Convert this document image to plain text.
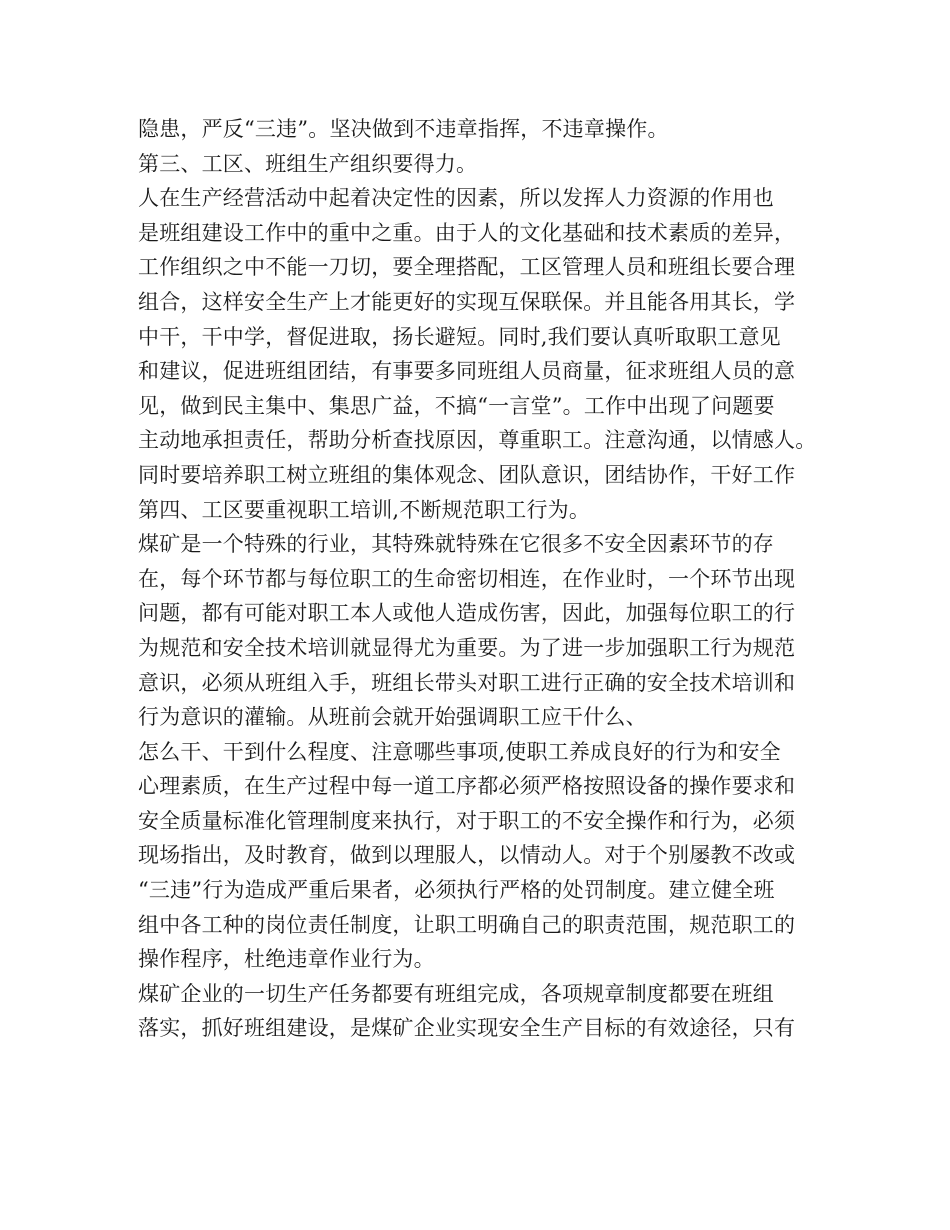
隐患，严反“三违”。坚决做到不违章指挥，不违章操作。
第三、工区、班组生产组织要得力。
人在生产经营活动中起着决定性的因素，所以发挥人力资源的作用也
是班组建设工作中的重中之重。由于人的文化基础和技术素质的差异，
工作组织之中不能一刀切，要全理搭配，工区管理人员和班组长要合理
组合，这样安全生产上才能更好的实现互保联保。并且能各用其长，学
中干，干中学，督促进取，扬长避短。同时,我们要认真听取职工意见
和建议，促进班组团结，有事要多同班组人员商量，征求班组人员的意
见，做到民主集中、集思广益，不搞“一言堂”。工作中出现了问题要
主动地承担责任，帮助分析查找原因，尊重职工。注意沟通，以情感人。
同时要培养职工树立班组的集体观念、团队意识，团结协作，干好工作
第四、工区要重视职工培训,不断规范职工行为。
煤矿是一个特殊的行业，其特殊就特殊在它很多不安全因素环节的存
在，每个环节都与每位职工的生命密切相连，在作业时，一个环节出现
问题，都有可能对职工本人或他人造成伤害，因此，加强每位职工的行
为规范和安全技术培训就显得尤为重要。为了进一步加强职工行为规范
意识，必须从班组入手，班组长带头对职工进行正确的安全技术培训和
行为意识的灌输。从班前会就开始强调职工应干什么、
怎么干、干到什么程度、注意哪些事项,使职工养成良好的行为和安全
心理素质，在生产过程中每一道工序都必须严格按照设备的操作要求和
安全质量标准化管理制度来执行，对于职工的不安全操作和行为，必须
现场指出，及时教育，做到以理服人，以情动人。对于个别屡教不改或
“三违”行为造成严重后果者，必须执行严格的处罚制度。建立健全班
组中各工种的岗位责任制度，让职工明确自己的职责范围，规范职工的
操作程序，杜绝违章作业行为。
煤矿企业的一切生产任务都要有班组完成，各项规章制度都要在班组
落实，抓好班组建设，是煤矿企业实现安全生产目标的有效途径，只有
